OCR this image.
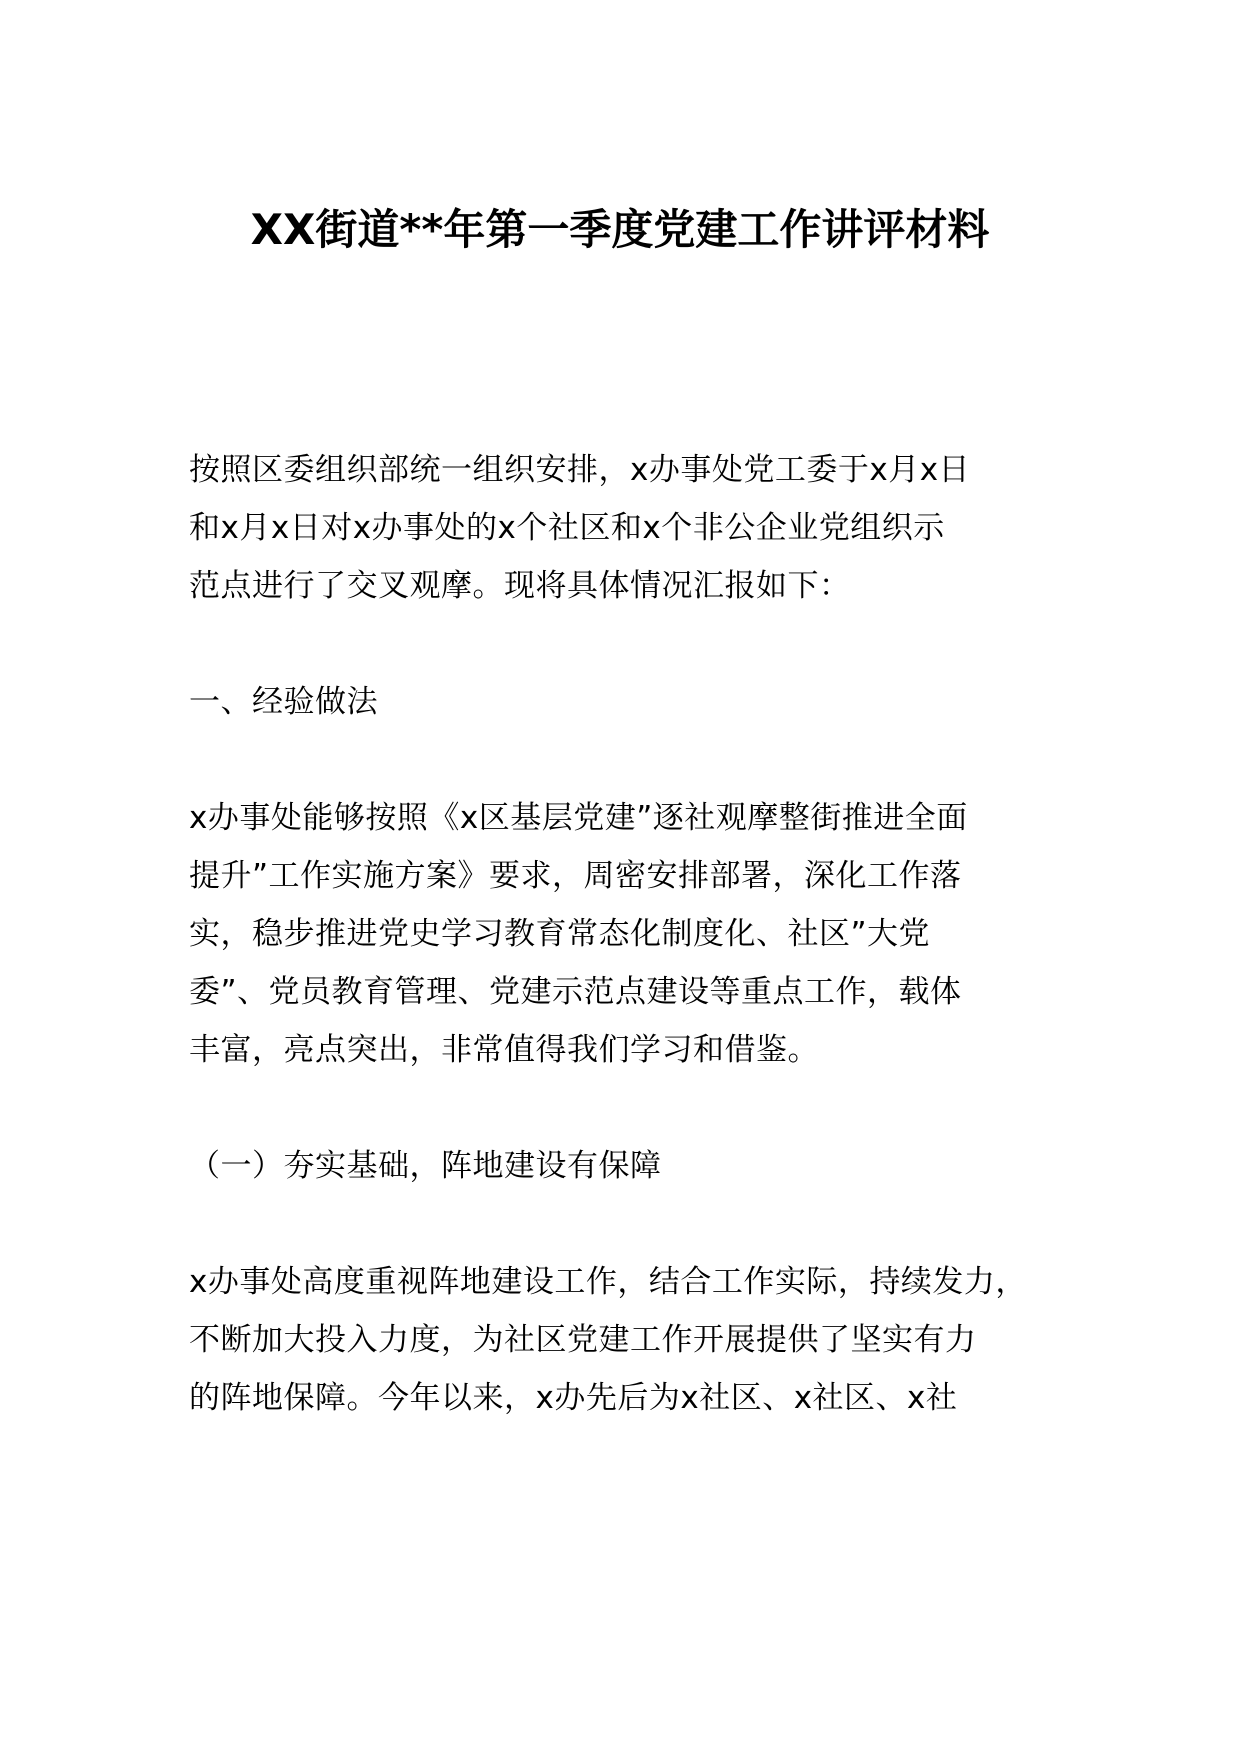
XX街道**年第一季度党建工作讲评材料
按照区委组织部统一组织安排，x办事处党工委于x月x日
和x月x日对x办事处的x个社区和x个非公企业党组织示
范点进行了交叉观摩。现将具体情况汇报如下：
一、经验做法
x办事处能够按照《x区基层党建”逐社观摩整街推进全面
提升”工作实施方案》要求，周密安排部署，深化工作落
实，稳步推进党史学习教育常态化制度化、社区”大党
委”、党员教育管理、党建示范点建设等重点工作，载体
丰富，亮点突出，非常值得我们学习和借鉴。
（一）夯实基础，阵地建设有保障
x办事处高度重视阵地建设工作，结合工作实际，持续发力，
不断加大投入力度，为社区党建工作开展提供了坚实有力
的阵地保障。今年以来，x办先后为x社区、x社区、x社
